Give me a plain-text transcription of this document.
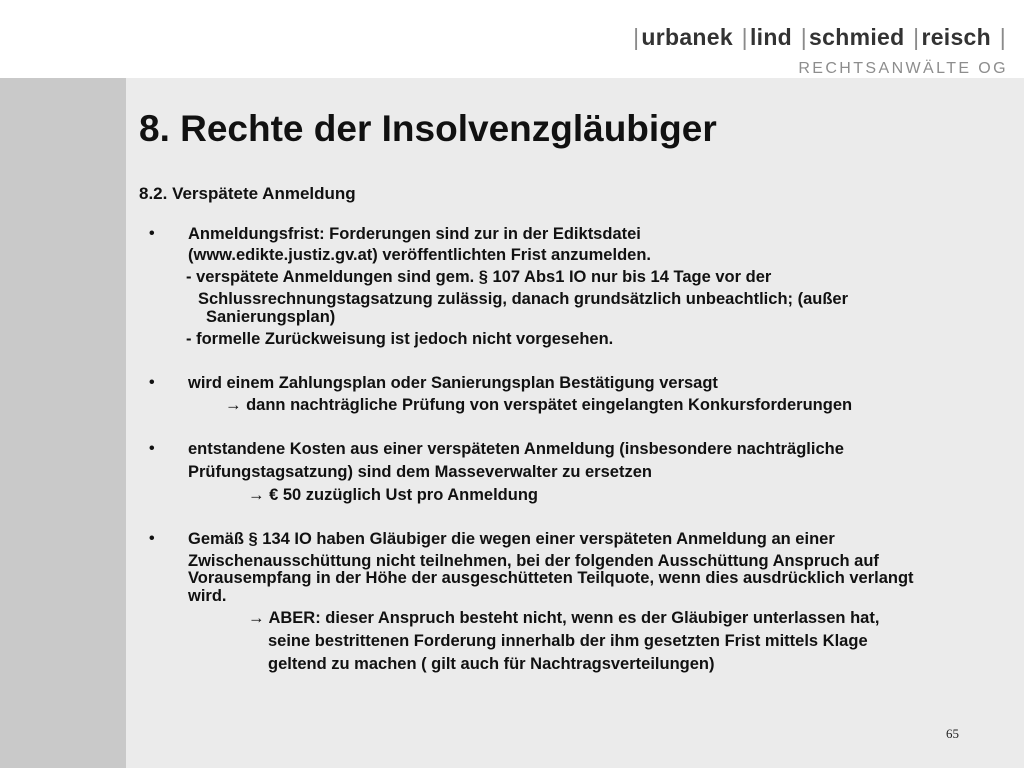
|urbanek |lind |schmied |reisch |
RECHTSANWÄLTE OG
8. Rechte der Insolvenzgläubiger
8.2. Verspätete Anmeldung
• Anmeldungsfrist: Forderungen sind zur in der Ediktsdatei
(www.edikte.justiz.gv.at) veröffentlichten Frist anzumelden.
- verspätete Anmeldungen sind gem. § 107 Abs1 IO nur bis 14 Tage vor der
Schlussrechnungstagsatzung zulässig, danach grundsätzlich unbeachtlich; (außer
Sanierungsplan)
- formelle Zurückweisung ist jedoch nicht vorgesehen.
• wird einem Zahlungsplan oder Sanierungsplan Bestätigung versagt
→ dann nachträgliche Prüfung von verspätet eingelangten Konkursforderungen
• entstandene Kosten aus einer verspäteten Anmeldung (insbesondere nachträgliche
Prüfungstagsatzung) sind dem Masseverwalter zu ersetzen
→ € 50 zuzüglich Ust pro Anmeldung
• Gemäß § 134 IO haben Gläubiger die wegen einer verspäteten Anmeldung an einer
Zwischenausschüttung nicht teilnehmen, bei der folgenden Ausschüttung Anspruch auf
Vorausempfang in der Höhe der ausgeschütteten Teilquote, wenn dies ausdrücklich verlangt
wird.
→ ABER: dieser Anspruch besteht nicht, wenn es der Gläubiger unterlassen hat,
seine bestrittenen Forderung innerhalb der ihm gesetzten Frist mittels Klage
geltend zu machen ( gilt auch für Nachtragsverteilungen)
65
